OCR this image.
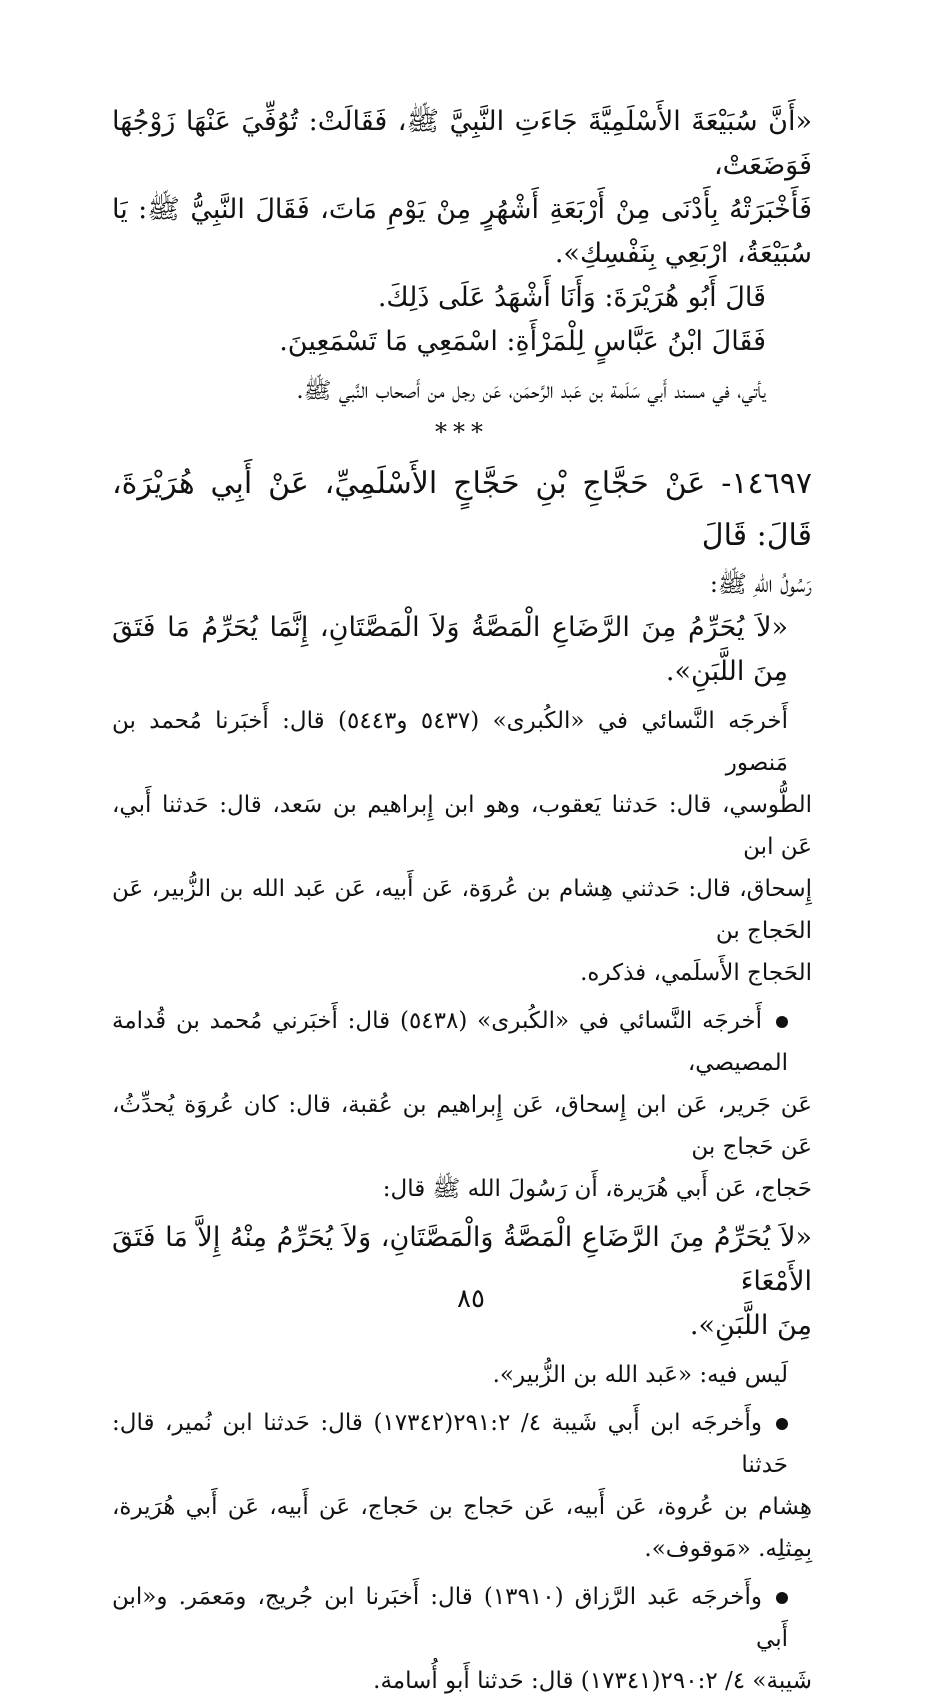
«أَنَّ سُبَيْعَةَ الأَسْلَمِيَّةَ جَاءَتِ النَّبِيَّ ﷺ، فَقَالَتْ: تُوُفِّيَ عَنْهَا زَوْجُهَا فَوَضَعَتْ،
فَأَخْبَرَتْهُ بِأَدْنَى مِنْ أَرْبَعَةِ أَشْهُرٍ مِنْ يَوْمِ مَاتَ، فَقَالَ النَّبِيُّ ﷺ: يَا سُبَيْعَةُ، ارْبَعِي بِنَفْسِكِ».
قَالَ أَبُو هُرَيْرَةَ: وَأَنَا أَشْهَدُ عَلَى ذَلِكَ.
فَقَالَ ابْنُ عَبَّاسٍ لِلْمَرْأَةِ: اسْمَعِي مَا تَسْمَعِينَ.
يأتي، في مسند أَبي سَلَمة بن عَبد الرَّحمَن، عَن رجل من أَصحاب النَّبي ﷺ.
***
١٤٦٩٧- عَنْ حَجَّاجِ بْنِ حَجَّاجٍ الأَسْلَمِيِّ، عَنْ أَبِي هُرَيْرَةَ، قَالَ: قَالَ
رَسُولُ اللهِ ﷺ:
«لاَ يُحَرِّمُ مِنَ الرَّضَاعِ الْمَصَّةُ وَلاَ الْمَصَّتَانِ، إِنَّمَا يُحَرِّمُ مَا فَتَقَ مِنَ اللَّبَنِ».
أَخرجَه النَّسائي في «الكُبرى» (٥٤٣٧ و٥٤٤٣) قال: أَخبَرنا مُحمد بن مَنصور
الطُّوسي، قال: حَدثنا يَعقوب، وهو ابن إِبراهيم بن سَعد، قال: حَدثنا أَبي، عَن ابن
إِسحاق، قال: حَدثني هِشام بن عُروَة، عَن أَبيه، عَن عَبد الله بن الزُّبير، عَن الحَجاج بن
الحَجاج الأَسلَمي، فذكره.
أَخرجَه النَّسائي في «الكُبرى» (٥٤٣٨) قال: أَخبَرني مُحمد بن قُدامة المصيصي،
عَن جَرير، عَن ابن إِسحاق، عَن إِبراهيم بن عُقبة، قال: كان عُروَة يُحدِّثُ، عَن حَجاج بن
حَجاج، عَن أَبي هُرَيرة، أَن رَسُولَ الله ﷺ قال:
«لاَ يُحَرِّمُ مِنَ الرَّضَاعِ الْمَصَّةُ وَالْمَصَّتَانِ، وَلاَ يُحَرِّمُ مِنْهُ إِلاَّ مَا فَتَقَ الأَمْعَاءَ
مِنَ اللَّبَنِ».
لَيس فيه: «عَبد الله بن الزُّبير».
وأَخرجَه ابن أَبي شَيبة ٤/ ٢٩١:٢(١٧٣٤٢) قال: حَدثنا ابن نُمير، قال: حَدثنا
هِشام بن عُروة، عَن أَبيه، عَن حَجاج بن حَجاج، عَن أَبيه، عَن أَبي هُرَيرة، بِمِثلِه. «مَوقوف».
وأَخرجَه عَبد الرَّزاق (١٣٩١٠) قال: أَخبَرنا ابن جُريج، ومَعمَر. و«ابن أَبي
شَيبة» ٤/ ٢٩٠:٢(١٧٣٤١) قال: حَدثنا أَبو أُسامة.
٨٥
